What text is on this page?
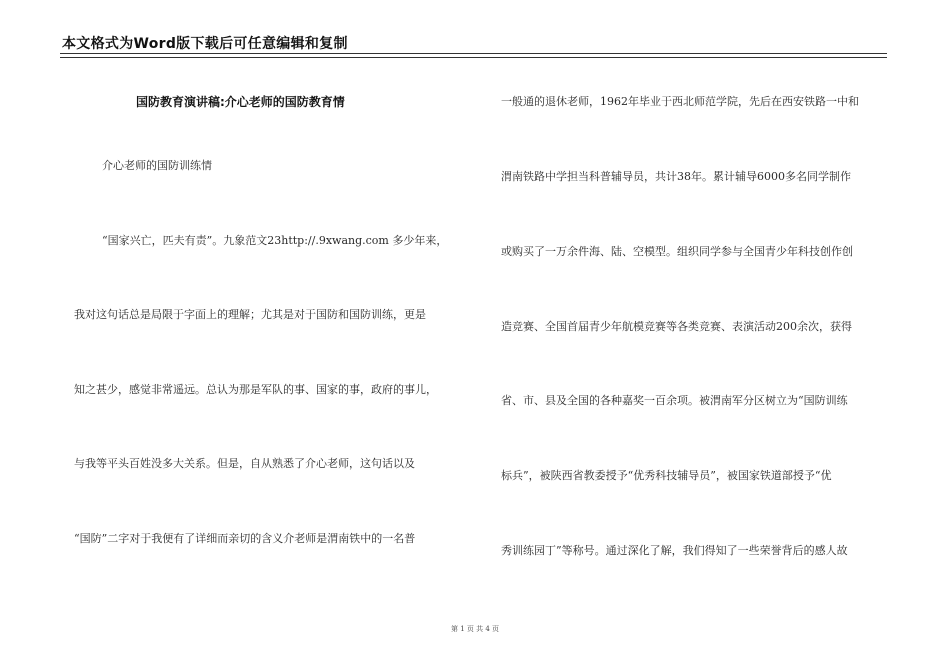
本文格式为Word版下载后可任意编辑和复制
国防教育演讲稿:介心老师的国防教育情
介心老师的国防训练情
“国家兴亡，匹夫有责”。九象范文23http://.9xwang.com 多少年来，
我对这句话总是局限于字面上的理解；尤其是对于国防和国防训练，更是
知之甚少，感觉非常遥远。总认为那是军队的事、国家的事，政府的事儿，
与我等平头百姓没多大关系。但是，自从熟悉了介心老师，这句话以及
“国防”二字对于我便有了详细而亲切的含义介老师是渭南铁中的一名普
一般通的退休老师，1962年毕业于西北师范学院，先后在西安铁路一中和
渭南铁路中学担当科普辅导员，共计38年。累计辅导6000多名同学制作
或购买了一万余件海、陆、空模型。组织同学参与全国青少年科技创作创
造竞赛、全国首届青少年航模竞赛等各类竞赛、表演活动200余次，获得
省、市、县及全国的各种嘉奖一百余项。被渭南军分区树立为“国防训练
标兵”，被陕西省教委授予“优秀科技辅导员”，被国家铁道部授予“优
秀训练园丁”等称号。通过深化了解，我们得知了一些荣誉背后的感人故
第 1 页 共 4 页
